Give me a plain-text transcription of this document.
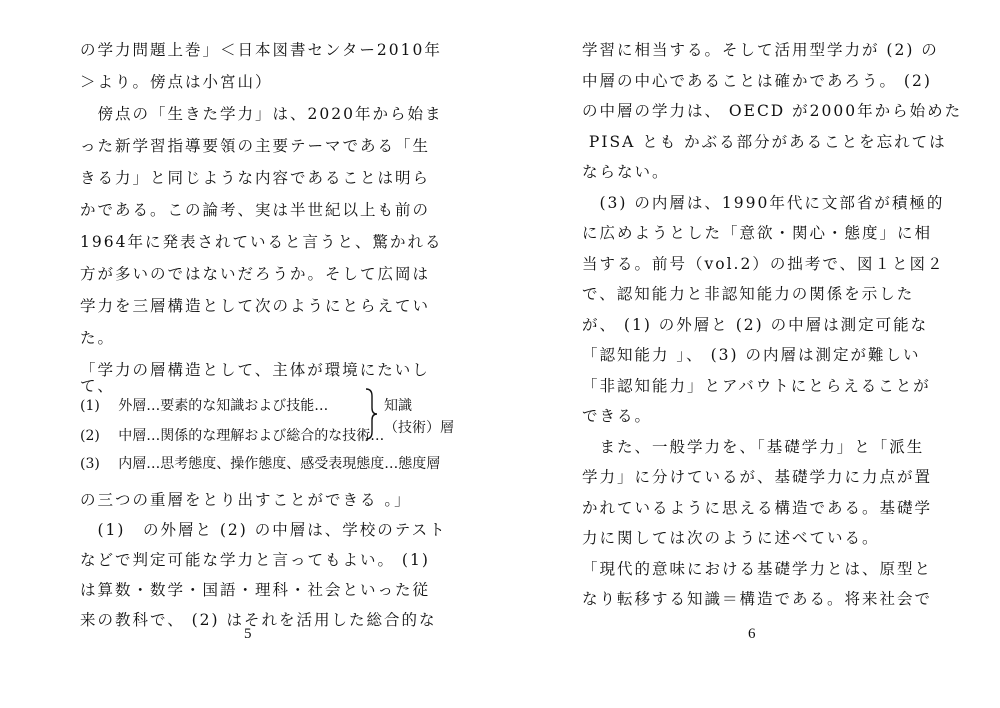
の学力問題上巻」＜日本図書センター2010年
＞より。傍点は小宮山）
　傍点の「生きた学力」は、2020年から始ま
った新学習指導要領の主要テーマである「生
きる力」と同じような内容であることは明ら
かである。この論考、実は半世紀以上も前の
1964年に発表されていると言うと、驚かれる
方が多いのではないだろうか。そして広岡は
学力を三層構造として次のようにとらえてい
た。
「学力の層構造として、主体が環境にたいし
て、
(1)　 外層…要素的な知識および技能…
(2)　 中層…関係的な理解および総合的な技術…
(3)　 内層…思考態度、操作態度、感受表現態度…態度層
知識
（技術）層
の三つの重層をとり出すことができる 。」
　(1)　の外層と (2) の中層は、学校のテスト
などで判定可能な学力と言ってもよい。 (1)
は算数・数学・国語・理科・社会といった従
来の教科で、 (2) はそれを活用した総合的な
5
学習に相当する。そして活用型学力が (2) の
中層の中心であることは確かであろう。 (2)
の中層の学力は、 OECD が2000年から始めた
PISA とも かぶる部分があることを忘れては
ならない。
　(3) の内層は、1990年代に文部省が積極的
に広めようとした「意欲・関心・態度」に相
当する。前号（vol.2）の拙考で、図１と図２
で、認知能力と非認知能力の関係を示した
が、 (1) の外層と (2) の中層は測定可能な
「認知能力 」、 (3) の内層は測定が難しい
「非認知能力」とアバウトにとらえることが
できる。
　また、一般学力を、「基礎学力」と「派生
学力」に分けているが、基礎学力に力点が置
かれているように思える構造である。基礎学
力に関しては次のように述べている。
「現代的意味における基礎学力とは、原型と
なり転移する知識＝構造である。将来社会で
6
